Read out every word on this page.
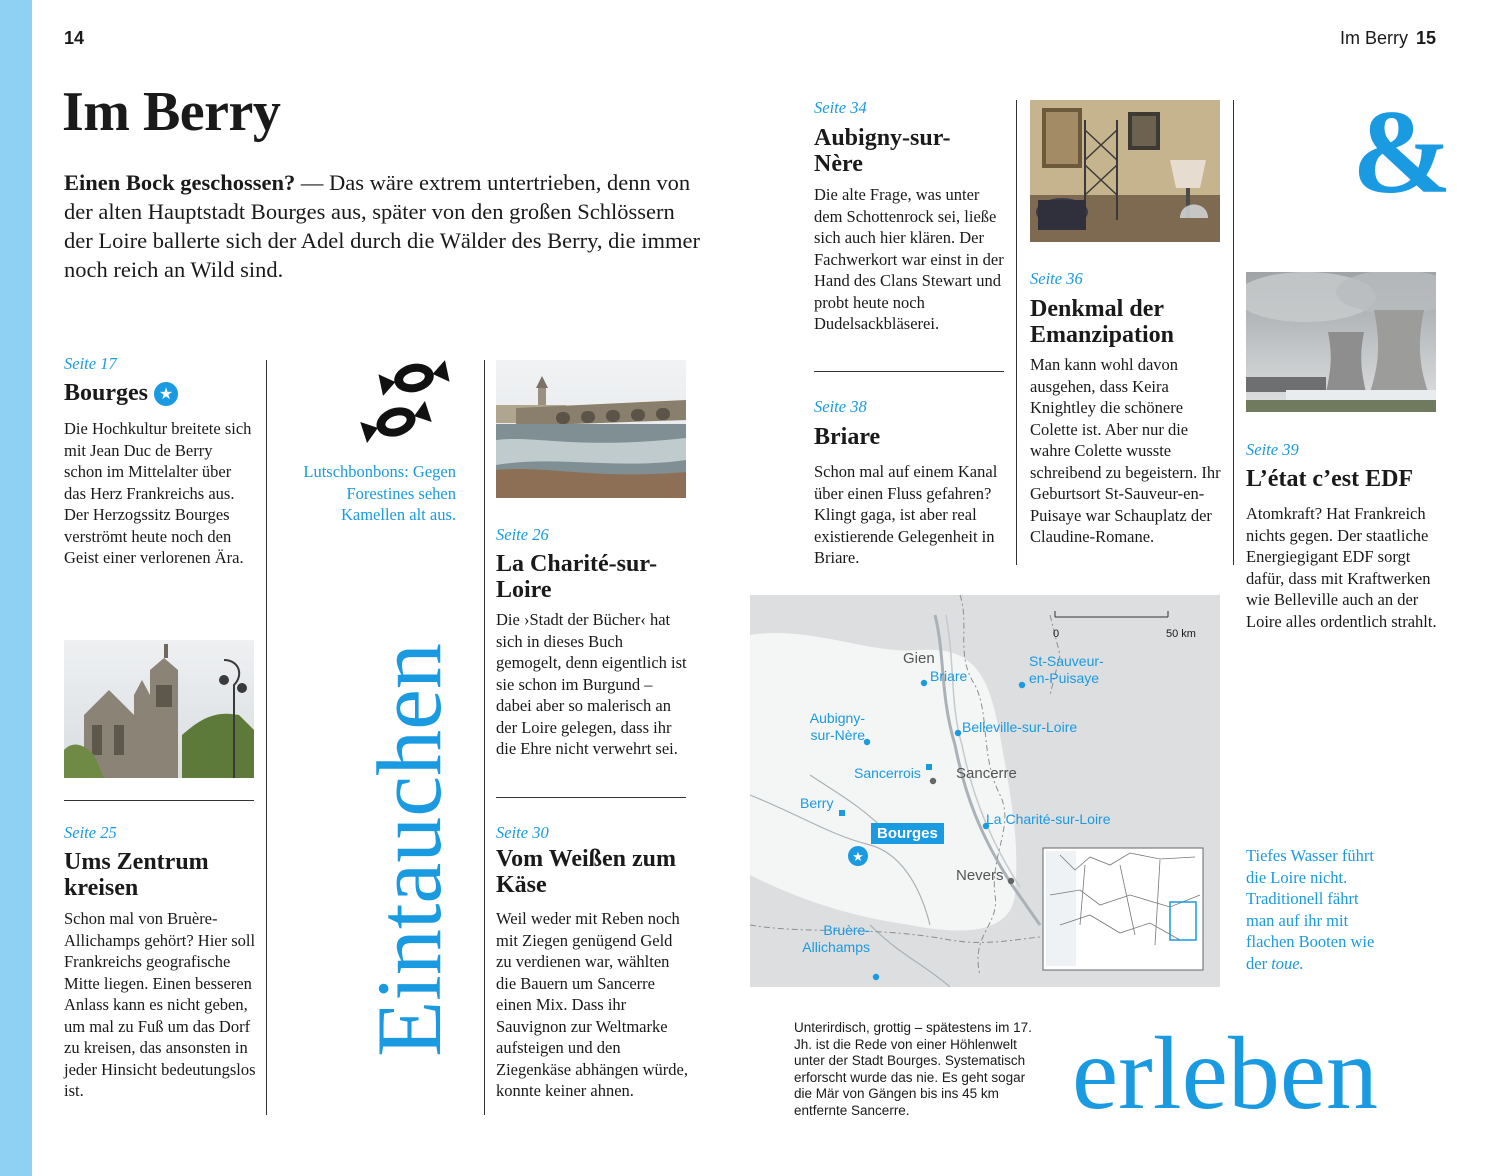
14	Im Berry 15
Im Berry
Einen Bock geschossen? — Das wäre extrem untertrieben, denn von der alten Hauptstadt Bourges aus, später von den großen Schlössern der Loire ballerte sich der Adel durch die Wälder des Berry, die immer noch reich an Wild sind.
Seite 17
Bourges ★
Die Hochkultur breitete sich mit Jean Duc de Berry schon im Mittelalter über das Herz Frankreichs aus. Der Herzogssitz Bourges verströmt heute noch den Geist einer verlorenen Ära.
Seite 25
Ums Zentrum kreisen
Schon mal von Bruère-Allichamps gehört? Hier soll Frankreichs geografische Mitte liegen. Einen besseren Anlass kann es nicht geben, um mal zu Fuß um das Dorf zu kreisen, das ansonsten in jeder Hinsicht bedeutungslos ist.
Lutschbonbons: Gegen Forestines sehen Kamellen alt aus.
Eintauchen
Seite 26
La Charité-sur-Loire
Die ›Stadt der Bücher‹ hat sich in dieses Buch gemogelt, denn eigentlich ist sie schon im Burgund – dabei aber so malerisch an der Loire gelegen, dass ihr die Ehre nicht verwehrt sei.
Seite 30
Vom Weißen zum Käse
Weil weder mit Reben noch mit Ziegen genügend Geld zu verdienen war, wählten die Bauern um Sancerre einen Mix. Dass ihr Sauvignon zur Weltmarke aufsteigen und den Ziegenkäse abhängen würde, konnte keiner ahnen.
Seite 34
Aubigny-sur-Nère
Die alte Frage, was unter dem Schottenrock sei, ließe sich auch hier klären. Der Fachwerkort war einst in der Hand des Clans Stewart und probt heute noch Dudelsackbläserei.
Seite 38
Briare
Schon mal auf einem Kanal über einen Fluss gefahren? Klingt gaga, ist aber real existierende Gelegenheit in Briare.
Seite 36
Denkmal der Emanzipation
Man kann wohl davon ausgehen, dass Keira Knightley die schönere Colette ist. Aber nur die wahre Colette wusste schreibend zu begeistern. Ihr Geburtsort St-Sauveur-en-Puisaye war Schauplatz der Claudine-Romane.
&
Seite 39
L’état c’est EDF
Atomkraft? Hat Frankreich nichts gegen. Der staatliche Energiegigant EDF sorgt dafür, dass mit Kraftwerken wie Belleville auch an der Loire alles ordentlich strahlt.
Tiefes Wasser führt die Loire nicht. Traditionell fährt man auf ihr mit flachen Booten wie der toue.
★
0	50 km
Gien
Briare
St-Sauveur-en-Puisaye
Aubigny-sur-Nère	Belleville-sur-Loire
Sancerrois Sancerre
Berry
La Charité-sur-Loire
Bourges
Nevers
Bruère-Allichamps
Unterirdisch, grottig – spätestens im 17. Jh. ist die Rede von einer Höhlenwelt unter der Stadt Bourges. Systematisch erforscht wurde das nie. Es geht sogar die Mär von Gängen bis ins 45 km entfernte Sancerre.	erleben
